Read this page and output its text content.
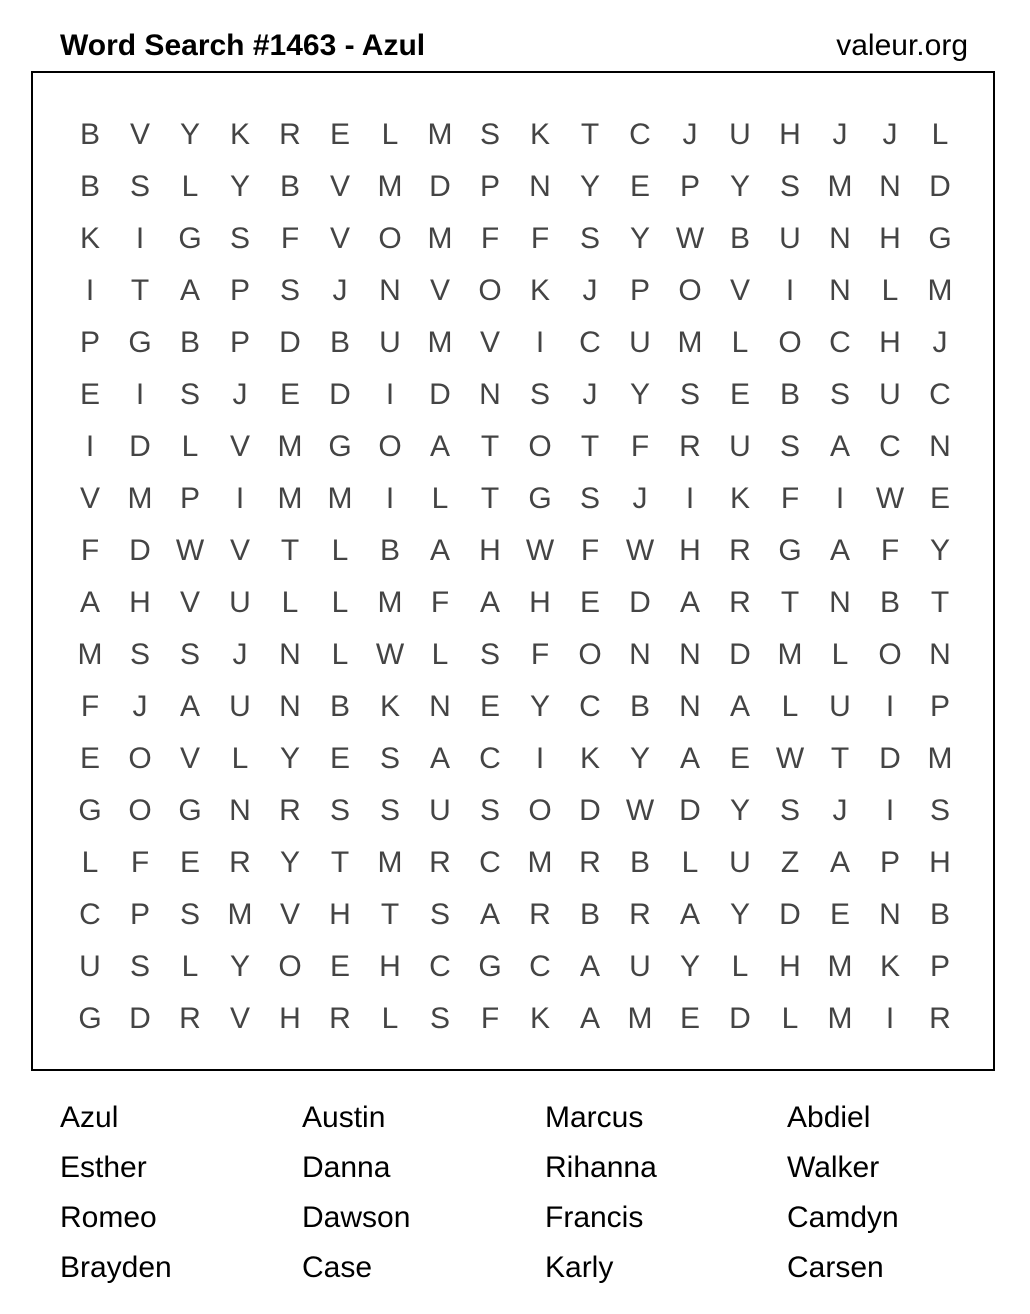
Word Search #1463 - Azul	valeur.org
B V Y K R E	L M S K	T	C	J	U H	J	J	L
B S	L	Y B V M D P N Y E P Y S M N D
K	I	G S	F	V O M F	F	S Y W B U N H G
I	T	A P S	J	N V O K	J	P O V	I	N	L M
P G B P D B U M V	I	C U M L O C H	J
E	I	S	J	E D	I	D N S	J	Y S E B S U C
I	D	L	V M G O A	T O T	F	R U S A C N
V M P	I	M M	I	L	T G S	J	I	K	F	I	W E
F	D W V	T	L	B A H W F W H R G A	F	Y
A H V U	L	L M F	A H E D A R	T	N B	T
M S S	J	N	L W L	S	F O N N D M L O N
F	J	A U N B K N E Y C B N A	L	U	I	P
E O V	L	Y E S A C	I	K Y A E W T	D M
G O G N R S S U S O D W D Y S	J	I	S
L	F	E R Y	T M R C M R B	L	U	Z	A P H
C P S M V H	T	S A R B R A Y D E N B
U S	L	Y O E H C G C A U Y	L	H M K P
G D R V H R	L	S	F	K A M E D	L M	I	R
Azul	Austin	Marcus	Abdiel
Esther	Danna	Rihanna	Walker
Romeo	Dawson	Francis	Camdyn
Brayden	Case	Karly	Carsen
